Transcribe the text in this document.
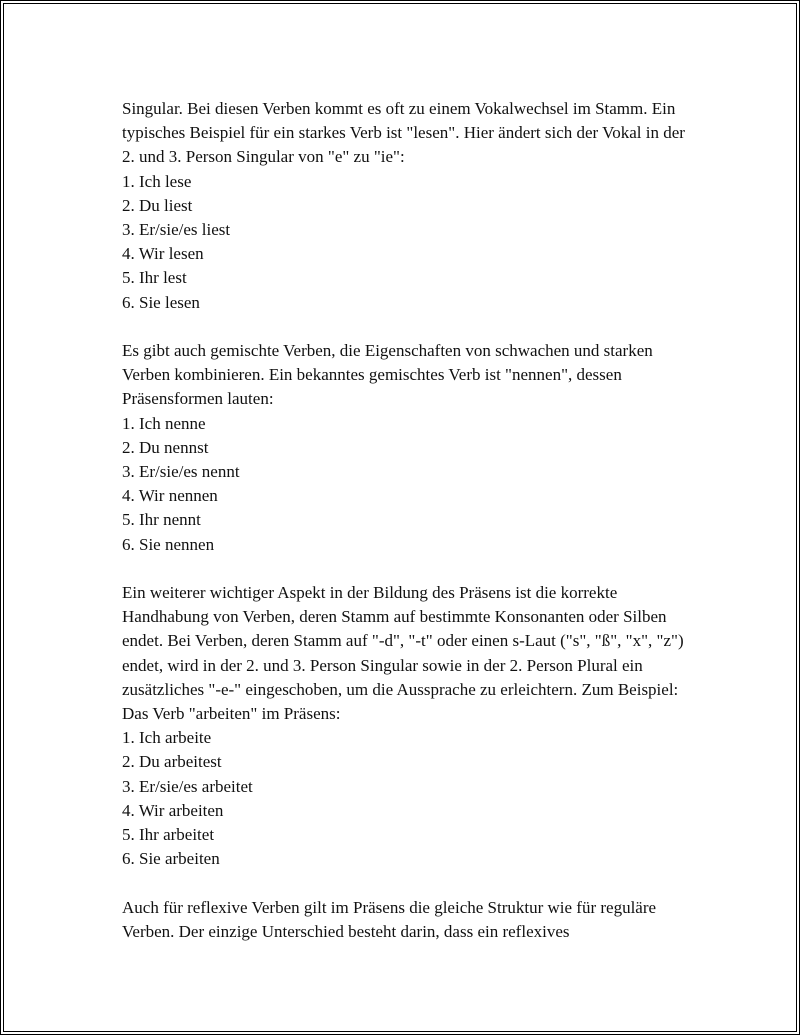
Singular. Bei diesen Verben kommt es oft zu einem Vokalwechsel im Stamm. Ein typisches Beispiel für ein starkes Verb ist "lesen". Hier ändert sich der Vokal in der 2. und 3. Person Singular von "e" zu "ie":

1. Ich lese
2. Du liest
3. Er/sie/es liest
4. Wir lesen
5. Ihr lest
6. Sie lesen

Es gibt auch gemischte Verben, die Eigenschaften von schwachen und starken Verben kombinieren. Ein bekanntes gemischtes Verb ist "nennen", dessen Präsensformen lauten:

1. Ich nenne
2. Du nennst
3. Er/sie/es nennt
4. Wir nennen
5. Ihr nennt
6. Sie nennen

Ein weiterer wichtiger Aspekt in der Bildung des Präsens ist die korrekte Handhabung von Verben, deren Stamm auf bestimmte Konsonanten oder Silben endet. Bei Verben, deren Stamm auf "-d", "-t" oder einen s-Laut ("s", "ß", "x", "z") endet, wird in der 2. und 3. Person Singular sowie in der 2. Person Plural ein zusätzliches "-e-" eingeschoben, um die Aussprache zu erleichtern. Zum Beispiel: Das Verb "arbeiten" im Präsens:

1. Ich arbeite
2. Du arbeitest
3. Er/sie/es arbeitet
4. Wir arbeiten
5. Ihr arbeitet
6. Sie arbeiten

Auch für reflexive Verben gilt im Präsens die gleiche Struktur wie für reguläre Verben. Der einzige Unterschied besteht darin, dass ein reflexives
